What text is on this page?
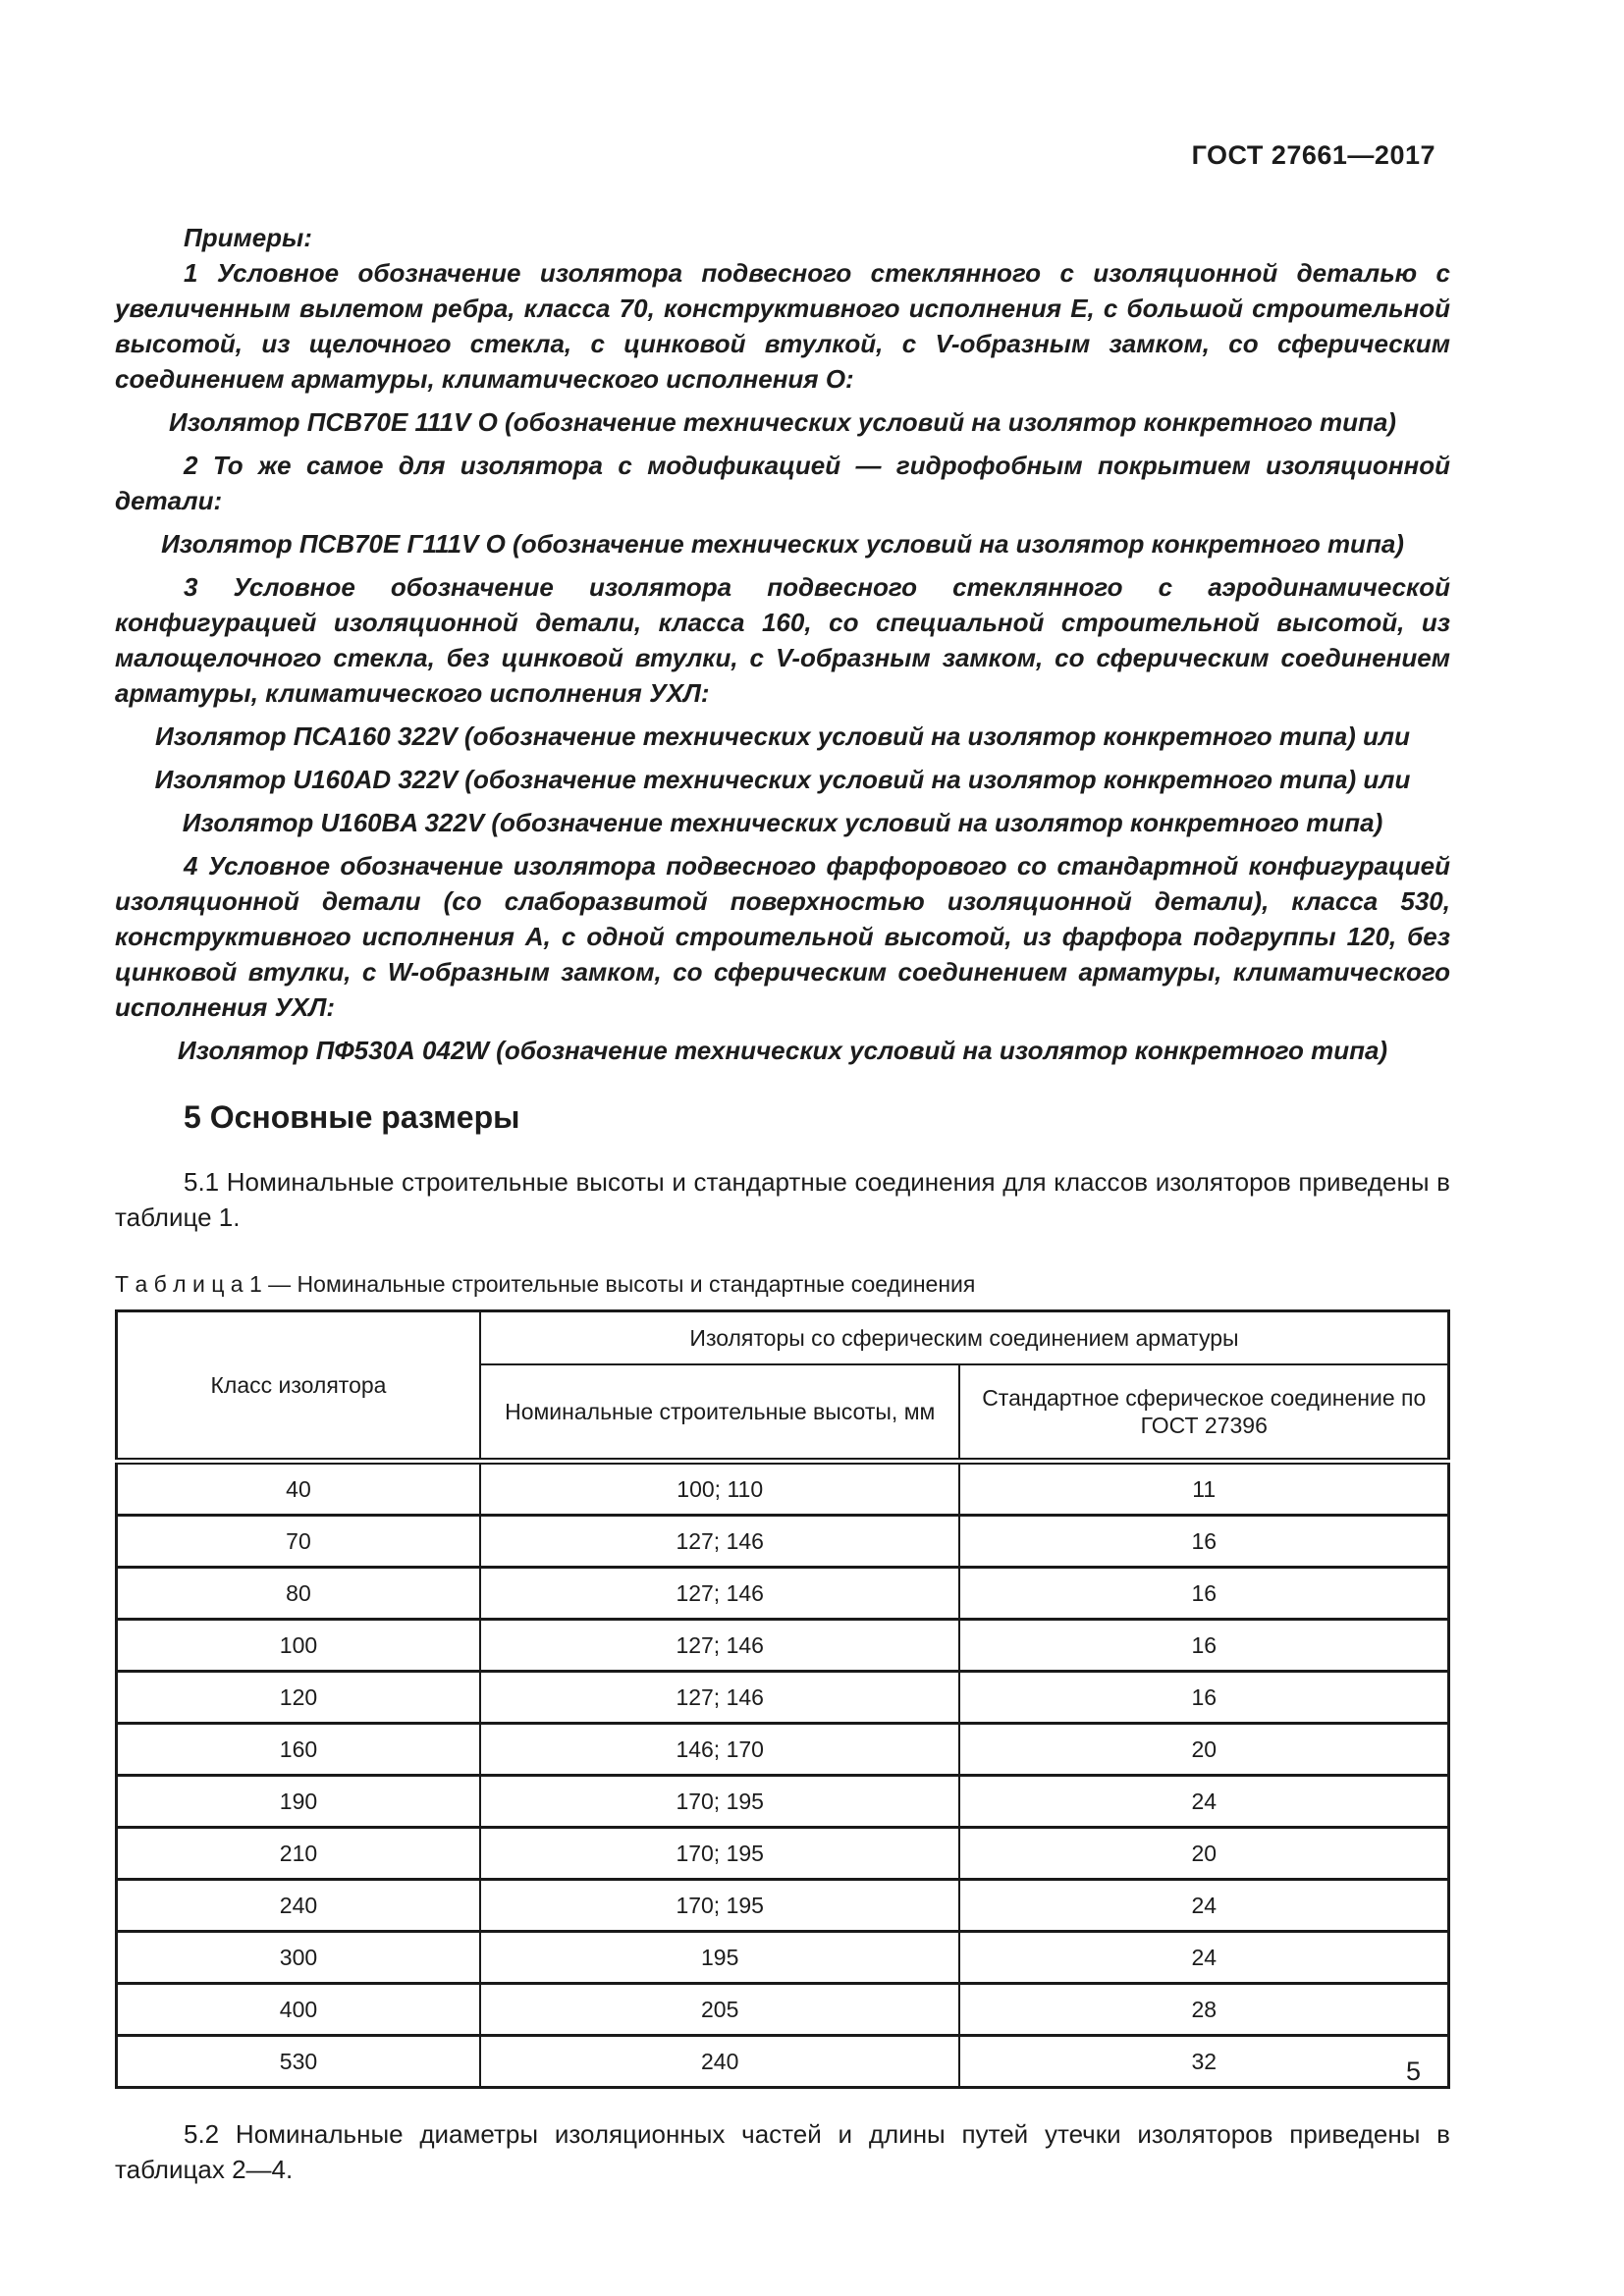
ГОСТ 27661—2017

Примеры:

1 Условное обозначение изолятора подвесного стеклянного с изоляционной деталью с увеличенным вылетом ребра, класса 70, конструктивного исполнения Е, с большой строительной высотой, из щелочного стекла, с цинковой втулкой, с V-образным замком, со сферическим соединением арматуры, климатического исполнения О:

Изолятор ПСВ70Е 111V О (обозначение технических условий на изолятор конкретного типа)

2 То же самое для изолятора с модификацией — гидрофобным покрытием изоляционной детали:

Изолятор ПСВ70Е Г111V О (обозначение технических условий на изолятор конкретного типа)

3 Условное обозначение изолятора подвесного стеклянного с аэродинамической конфигурацией изоляционной детали, класса 160, со специальной строительной высотой, из малощелочного стекла, без цинковой втулки, с V-образным замком, со сферическим соединением арматуры, климатического исполнения УХЛ:

Изолятор ПСА160 322V (обозначение технических условий на изолятор конкретного типа) или

Изолятор U160AD 322V (обозначение технических условий на изолятор конкретного типа) или

Изолятор U160BA 322V (обозначение технических условий на изолятор конкретного типа)

4 Условное обозначение изолятора подвесного фарфорового со стандартной конфигурацией изоляционной детали (со слаборазвитой поверхностью изоляционной детали), класса 530, конструктивного исполнения А, с одной строительной высотой, из фарфора подгруппы 120, без цинковой втулки, с W-образным замком, со сферическим соединением арматуры, климатического исполнения УХЛ:

Изолятор ПФ530А 042W (обозначение технических условий на изолятор конкретного типа)

5 Основные размеры

5.1 Номинальные строительные высоты и стандартные соединения для классов изоляторов приведены в таблице 1.

Т а б л и ц а 1 — Номинальные строительные высоты и стандартные соединения

Класс изолятора	Изоляторы со сферическим соединением арматуры	
	Номинальные строительные высоты, мм	Стандартное сферическое соединение по ГОСТ 27396
40	100; 110	11
70	127; 146	16
80	127; 146	16
100	127; 146	16
120	127; 146	16
160	146; 170	20
190	170; 195	24
210	170; 195	20
240	170; 195	24
300	195	24
400	205	28
530	240	32

5.2 Номинальные диаметры изоляционных частей и длины путей утечки изоляторов приведены в таблицах 2—4.

5
